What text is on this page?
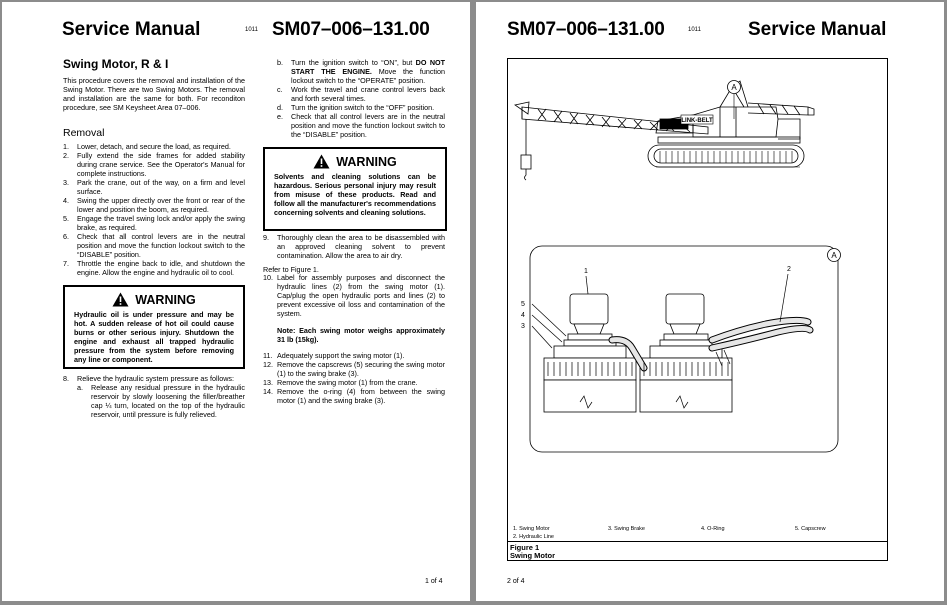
Service Manual	1011 SM07–006–131.00
Swing Motor, R & I
This procedure covers the removal and installation of the Swing Motor. There are two Swing Motors. The removal and installation are the same for both. For reconditon procedure, see SM Keysheet Area 07–006.
Removal
1. Lower, detach, and secure the load, as required.
2. Fully extend the side frames for added stability during crane service. See the Operator's Manual for complete instructions.
3. Park the crane, out of the way, on a firm and level surface.
4. Swing the upper directly over the front or rear of the lower and position the boom, as required.
5. Engage the travel swing lock and/or apply the swing brake, as required.
6. Check that all control levers are in the neutral position and move the function lockout switch to the “DISABLE” position.
7. Throttle the engine back to idle, and shutdown the engine. Allow the engine and hydraulic oil to cool.
WARNING
Hydraulic oil is under pressure and may be hot. A sudden release of hot oil could cause burns or other serious injury. Shutdown the engine and exhaust all trapped hydraulic pressure from the system before removing any line or component.
8. Relieve the hydraulic system pressure as follows:
a. Release any residual pressure in the hydraulic reservoir by slowly loosening the filler/breather cap ¼ turn, located on the top of the hydraulic reservoir, until pressure is fully relieved.
b. Turn the ignition switch to “ON”, but DO NOT START THE ENGINE. Move the function lockout switch to the “OPERATE” position.
c. Work the travel and crane control levers back and forth several times.
d. Turn the ignition switch to the “OFF” position.
e. Check that all control levers are in the neutral position and move the function lockout switch to the “DISABLE” position.
WARNING
Solvents and cleaning solutions can be hazardous. Serious personal injury may result from misuse of these products. Read and follow all the manufacturer's recommendations concerning solvents and cleaning solutions.
9. Thoroughly clean the area to be disassembled with an approved cleaning solvent to prevent contamination. Allow the area to air dry.
Refer to Figure 1.
10. Label for assembly purposes and disconnect the hydraulic lines (2) from the swing motor (1). Cap/plug the open hydraulic ports and lines (2) to prevent excessive oil loss and contamination of the system.
Note: Each swing motor weighs approximately 31 lb (15kg).
11. Adequately support the swing motor (1).
12. Remove the capscrews (5) securing the swing motor (1) to the swing brake (3).
13. Remove the swing motor (1) from the crane.
14. Remove the o-ring (4) from between the swing motor (1) and the swing brake (3).
1 of 4
SM07–006–131.00	1011 Service Manual
LINK-BELT
A
A
1	2
5
4
3
1. Swing Motor
2. Hydraulic Line
3. Swing Brake	4. O-Ring	5. Capscrew
Figure 1
Swing Motor
2 of 4
